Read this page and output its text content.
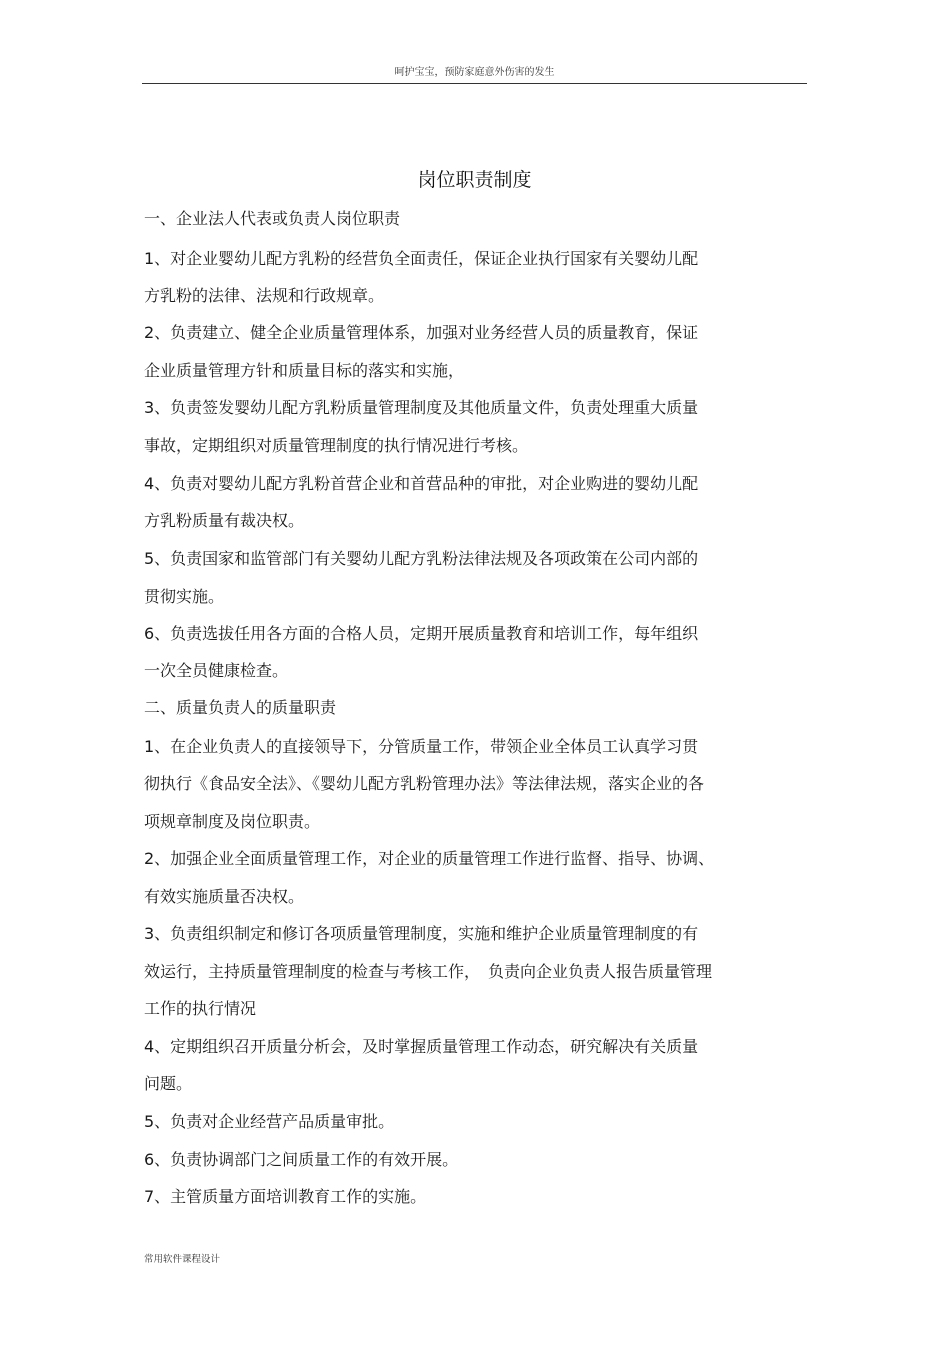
呵护宝宝，预防家庭意外伤害的发生
岗位职责制度
一、企业法人代表或负责人岗位职责
1、对企业婴幼儿配方乳粉的经营负全面责任，保证企业执行国家有关婴幼儿配
方乳粉的法律、法规和行政规章。
2、负责建立、健全企业质量管理体系，加强对业务经营人员的质量教育，保证
企业质量管理方针和质量目标的落实和实施，
3、负责签发婴幼儿配方乳粉质量管理制度及其他质量文件，负责处理重大质量
事故，定期组织对质量管理制度的执行情况进行考核。
4、负责对婴幼儿配方乳粉首营企业和首营品种的审批，对企业购进的婴幼儿配
方乳粉质量有裁决权。
5、负责国家和监管部门有关婴幼儿配方乳粉法律法规及各项政策在公司内部的
贯彻实施。
6、负责选拔任用各方面的合格人员，定期开展质量教育和培训工作，每年组织
一次全员健康检查。
二、质量负责人的质量职责
1、在企业负责人的直接领导下，分管质量工作，带领企业全体员工认真学习贯
彻执行《食品安全法》、《婴幼儿配方乳粉管理办法》等法律法规，落实企业的各
项规章制度及岗位职责。
2、加强企业全面质量管理工作，对企业的质量管理工作进行监督、指导、协调、
有效实施质量否决权。
3、负责组织制定和修订各项质量管理制度，实施和维护企业质量管理制度的有
效运行，主持质量管理制度的检查与考核工作，　负责向企业负责人报告质量管理
工作的执行情况
4、定期组织召开质量分析会，及时掌握质量管理工作动态，研究解决有关质量
问题。
5、负责对企业经营产品质量审批。
6、负责协调部门之间质量工作的有效开展。
7、主管质量方面培训教育工作的实施。
常用软件课程设计
